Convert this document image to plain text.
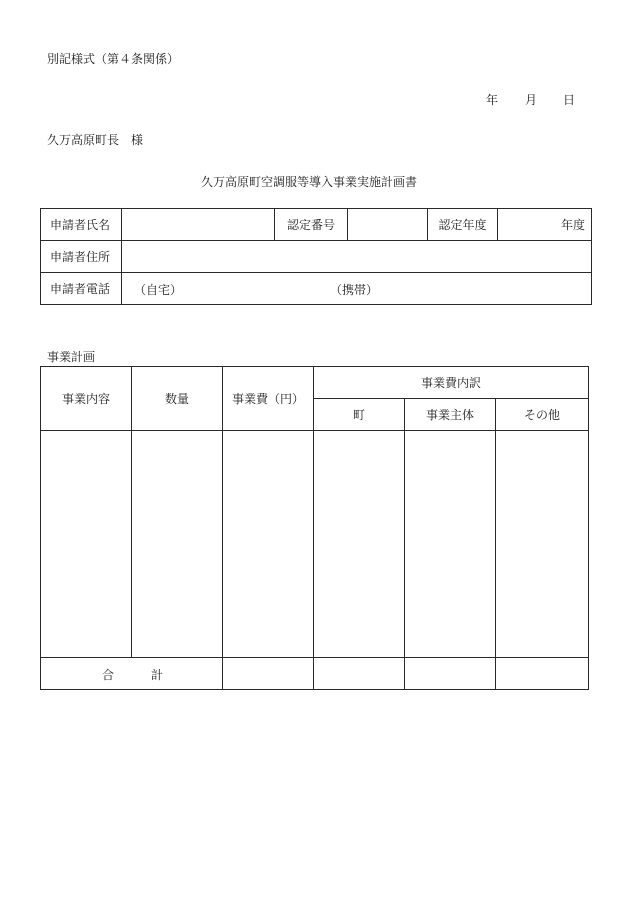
別記様式（第４条関係）
年 月 日
久万高原町長　様
久万高原町空調服等導入事業実施計画書
申請者氏名		認定番号		認定年度	年度
申請者住所					
申請者電話	（自宅） （携帯）				
事業計画
事業内容	数量	事業費（円）	事業費内訳		
			町	事業主体	その他

合 計					
